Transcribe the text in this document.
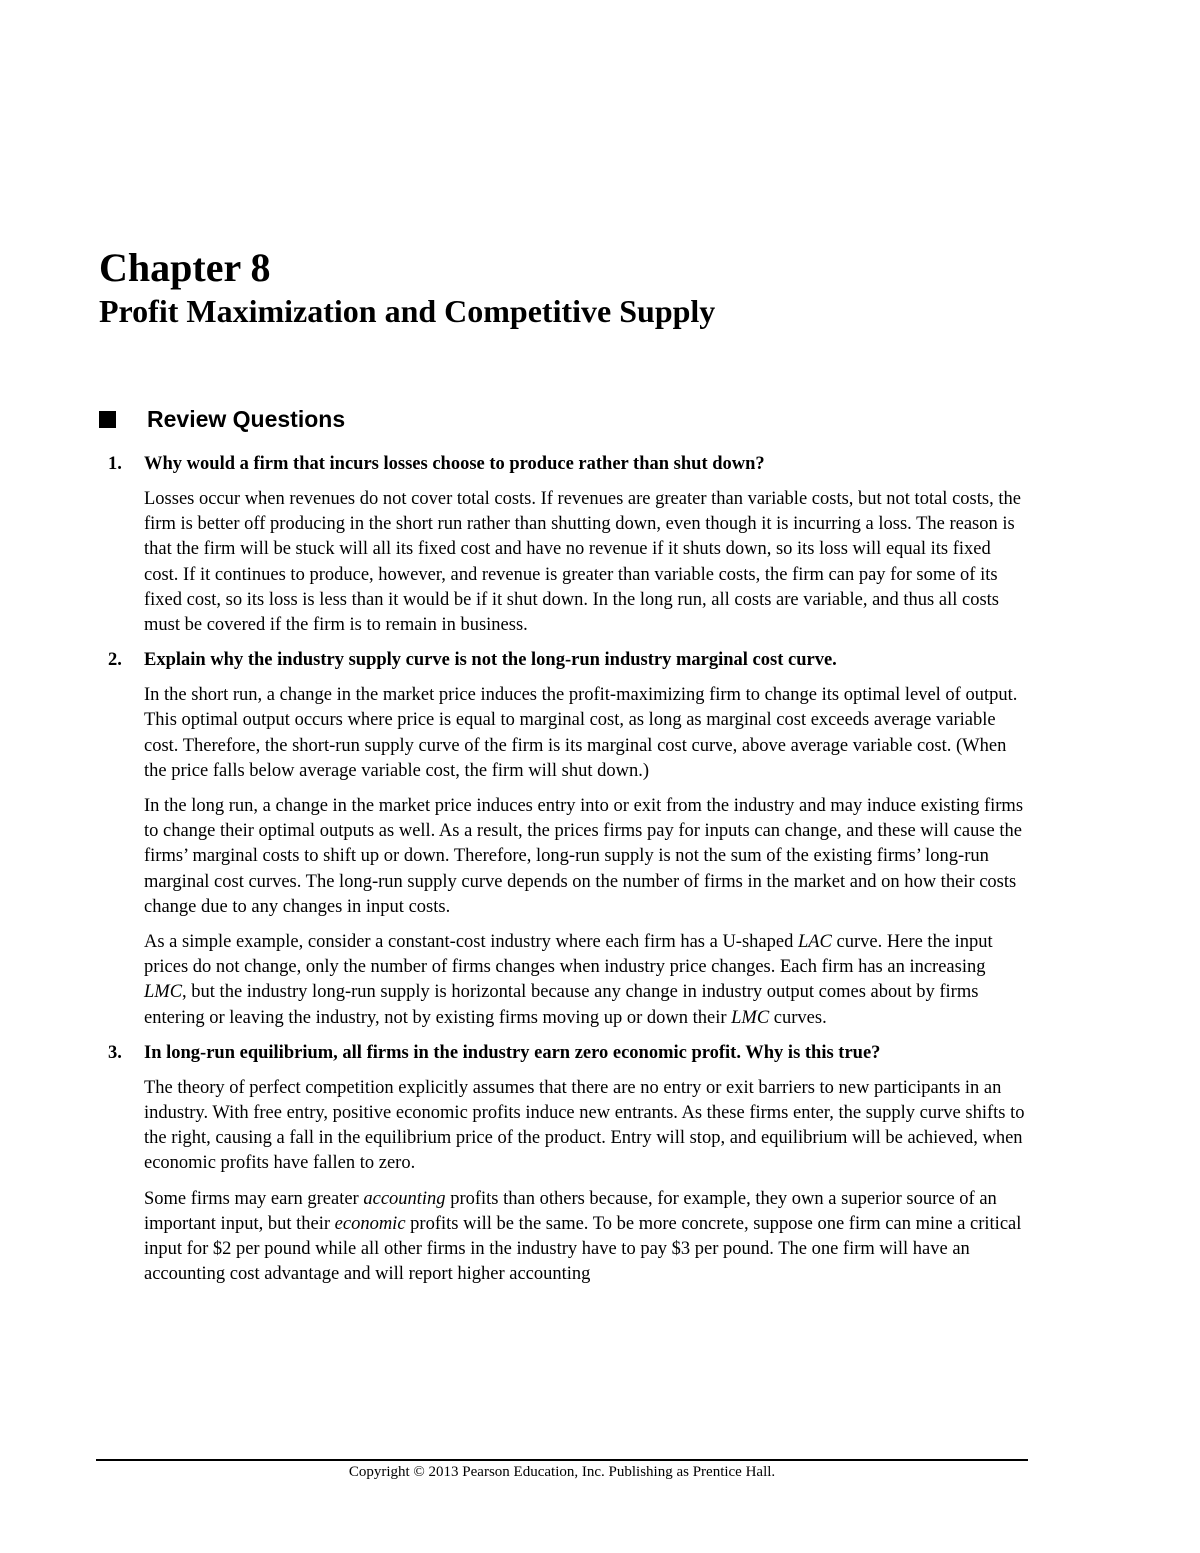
Chapter 8
Profit Maximization and Competitive Supply
Review Questions
1.	Why would a firm that incurs losses choose to produce rather than shut down?

Losses occur when revenues do not cover total costs. If revenues are greater than variable costs, but not total costs, the firm is better off producing in the short run rather than shutting down, even though it is incurring a loss. The reason is that the firm will be stuck will all its fixed cost and have no revenue if it shuts down, so its loss will equal its fixed cost. If it continues to produce, however, and revenue is greater than variable costs, the firm can pay for some of its fixed cost, so its loss is less than it would be if it shut down. In the long run, all costs are variable, and thus all costs must be covered if the firm is to remain in business.

2.	Explain why the industry supply curve is not the long-run industry marginal cost curve.

In the short run, a change in the market price induces the profit-maximizing firm to change its optimal level of output. This optimal output occurs where price is equal to marginal cost, as long as marginal cost exceeds average variable cost. Therefore, the short-run supply curve of the firm is its marginal cost curve, above average variable cost. (When the price falls below average variable cost, the firm will shut down.)

In the long run, a change in the market price induces entry into or exit from the industry and may induce existing firms to change their optimal outputs as well. As a result, the prices firms pay for inputs can change, and these will cause the firms’ marginal costs to shift up or down. Therefore, long-run supply is not the sum of the existing firms’ long-run marginal cost curves. The long-run supply curve depends on the number of firms in the market and on how their costs change due to any changes in input costs.

As a simple example, consider a constant-cost industry where each firm has a U-shaped LAC curve. Here the input prices do not change, only the number of firms changes when industry price changes. Each firm has an increasing LMC, but the industry long-run supply is horizontal because any change in industry output comes about by firms entering or leaving the industry, not by existing firms moving up or down their LMC curves.

3.	In long-run equilibrium, all firms in the industry earn zero economic profit. Why is this true?

The theory of perfect competition explicitly assumes that there are no entry or exit barriers to new participants in an industry. With free entry, positive economic profits induce new entrants. As these firms enter, the supply curve shifts to the right, causing a fall in the equilibrium price of the product. Entry will stop, and equilibrium will be achieved, when economic profits have fallen to zero.

Some firms may earn greater accounting profits than others because, for example, they own a superior source of an important input, but their economic profits will be the same. To be more concrete, suppose one firm can mine a critical input for $2 per pound while all other firms in the industry have to pay $3 per pound. The one firm will have an accounting cost advantage and will report higher accounting

Copyright © 2013 Pearson Education, Inc. Publishing as Prentice Hall.
